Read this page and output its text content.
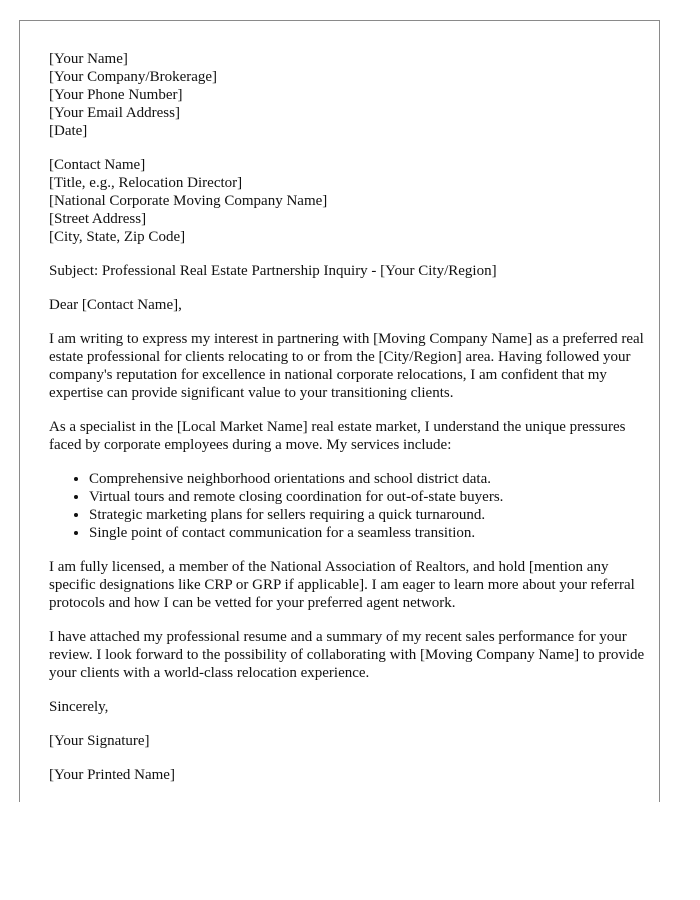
[Your Name]
[Your Company/Brokerage]
[Your Phone Number]
[Your Email Address]
[Date]
[Contact Name]
[Title, e.g., Relocation Director]
[National Corporate Moving Company Name]
[Street Address]
[City, State, Zip Code]

Subject: Professional Real Estate Partnership Inquiry - [Your City/Region]

Dear [Contact Name],

I am writing to express my interest in partnering with [Moving Company Name] as a preferred real estate professional for clients relocating to or from the [City/Region] area. Having followed your company's reputation for excellence in national corporate relocations, I am confident that my expertise can provide significant value to your transitioning clients.

As a specialist in the [Local Market Name] real estate market, I understand the unique pressures faced by corporate employees during a move. My services include:

• Comprehensive neighborhood orientations and school district data.
• Virtual tours and remote closing coordination for out-of-state buyers.
• Strategic marketing plans for sellers requiring a quick turnaround.
• Single point of contact communication for a seamless transition.

I am fully licensed, a member of the National Association of Realtors, and hold [mention any specific designations like CRP or GRP if applicable]. I am eager to learn more about your referral protocols and how I can be vetted for your preferred agent network.

I have attached my professional resume and a summary of my recent sales performance for your review. I look forward to the possibility of collaborating with [Moving Company Name] to provide your clients with a world-class relocation experience.

Sincerely,

[Your Signature]

[Your Printed Name]
